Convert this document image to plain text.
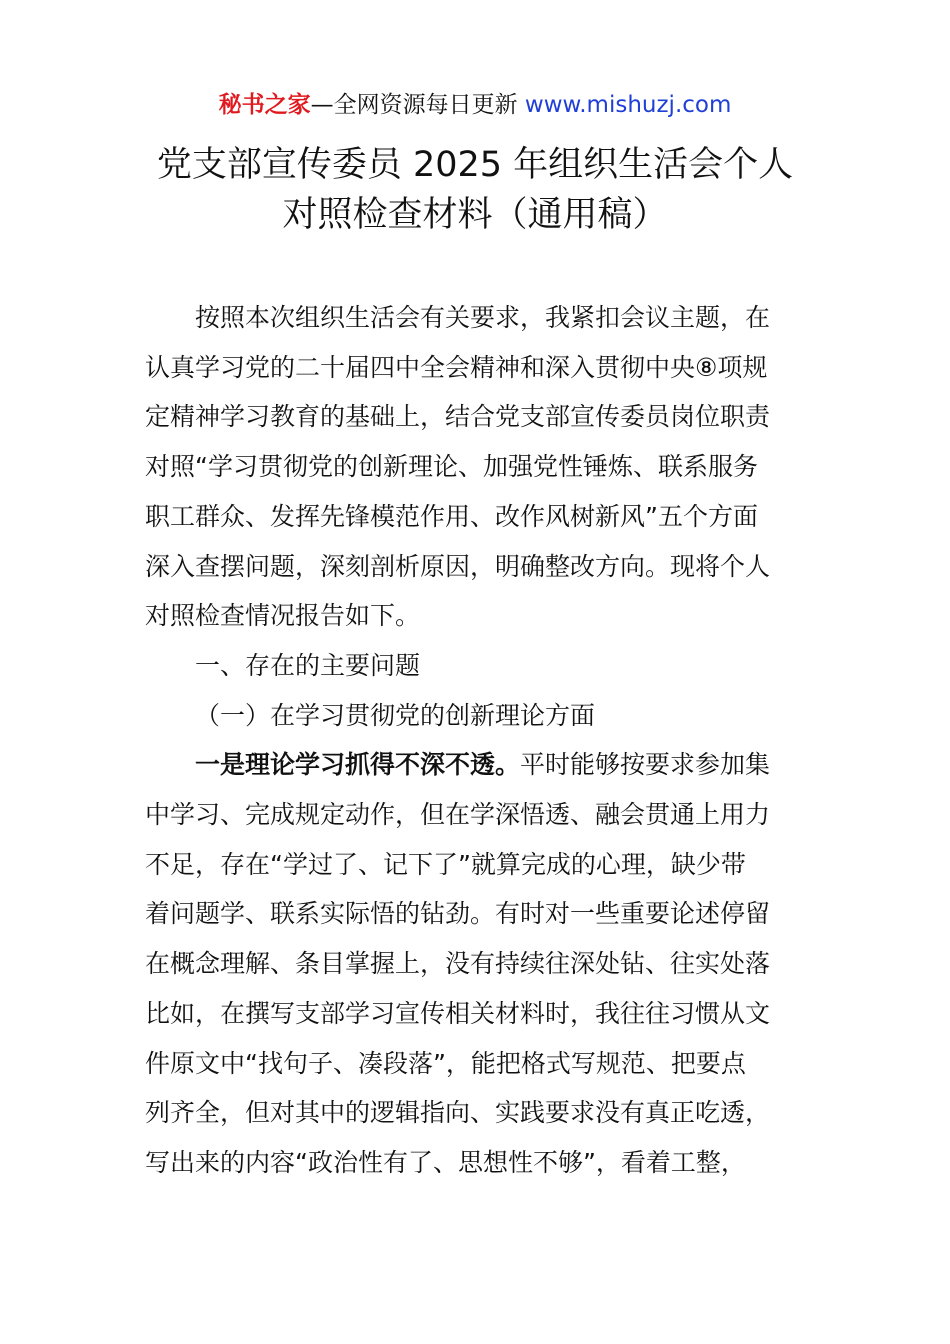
秘书之家—全网资源每日更新 www.mishuzj.com
党支部宣传委员 2025 年组织生活会个人
对照检查材料（通用稿）
按照本次组织生活会有关要求，我紧扣会议主题，在
认真学习党的二十届四中全会精神和深入贯彻中央⑧项规
定精神学习教育的基础上，结合党支部宣传委员岗位职责
对照“学习贯彻党的创新理论、加强党性锤炼、联系服务
职工群众、发挥先锋模范作用、改作风树新风”五个方面
深入查摆问题，深刻剖析原因，明确整改方向。现将个人
对照检查情况报告如下。
一、存在的主要问题
（一）在学习贯彻党的创新理论方面
一是理论学习抓得不深不透。平时能够按要求参加集
中学习、完成规定动作，但在学深悟透、融会贯通上用力
不足，存在“学过了、记下了”就算完成的心理，缺少带
着问题学、联系实际悟的钻劲。有时对一些重要论述停留
在概念理解、条目掌握上，没有持续往深处钻、往实处落
比如，在撰写支部学习宣传相关材料时，我往往习惯从文
件原文中“找句子、凑段落”，能把格式写规范、把要点
列齐全，但对其中的逻辑指向、实践要求没有真正吃透，
写出来的内容“政治性有了、思想性不够”，看着工整，
